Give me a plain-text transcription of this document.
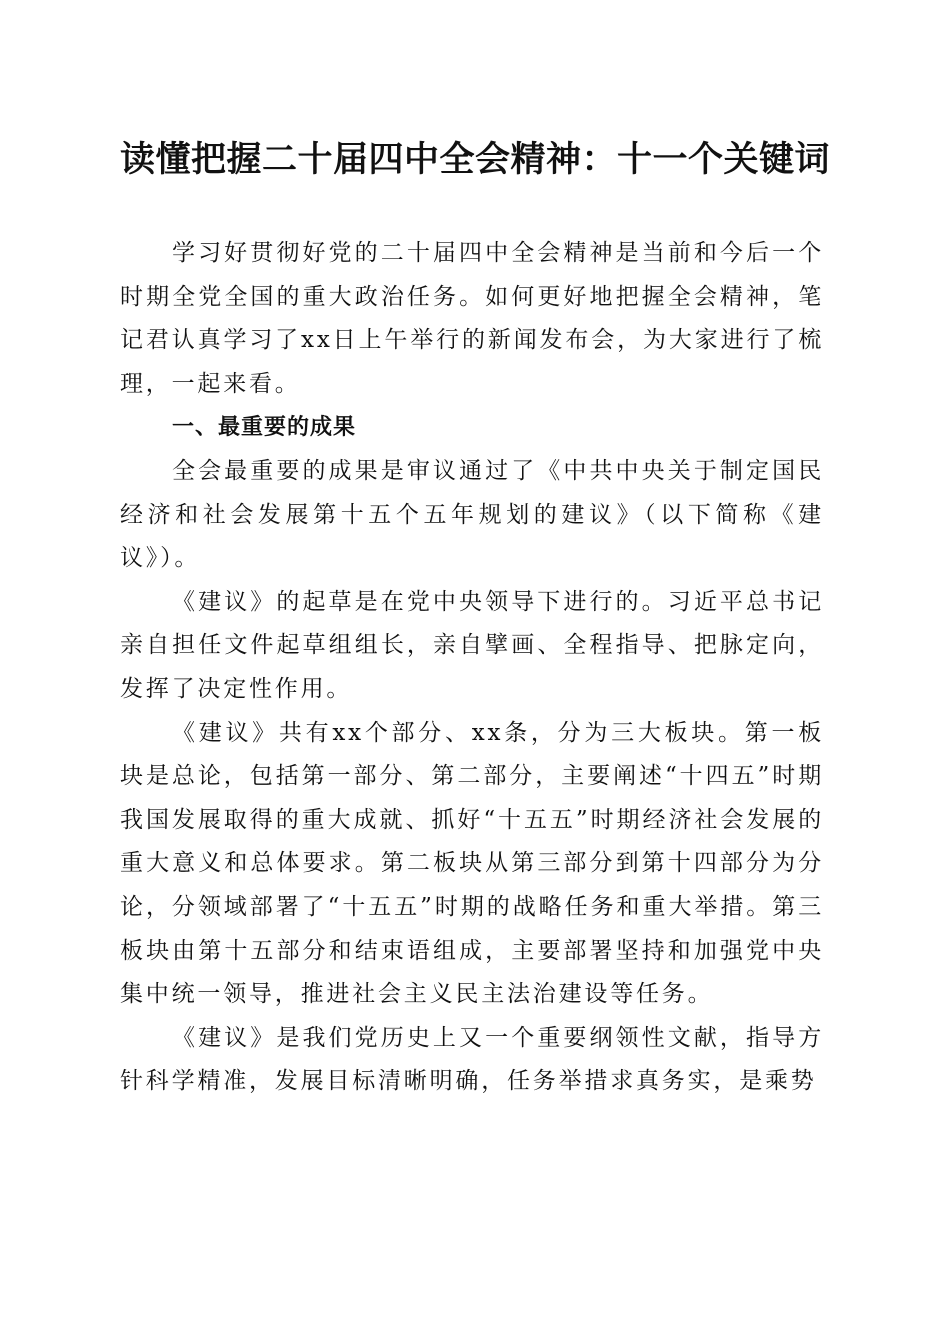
读懂把握二十届四中全会精神：十一个关键词

学习好贯彻好党的二十届四中全会精神是当前和今后一个时期全党全国的重大政治任务。如何更好地把握全会精神，笔记君认真学习了xx日上午举行的新闻发布会，为大家进行了梳理，一起来看。

一、最重要的成果

全会最重要的成果是审议通过了《中共中央关于制定国民经济和社会发展第十五个五年规划的建议》（以下简称《建议》）。

《建议》的起草是在党中央领导下进行的。习近平总书记亲自担任文件起草组组长，亲自擘画、全程指导、把脉定向，发挥了决定性作用。

《建议》共有xx个部分、xx条，分为三大板块。第一板块是总论，包括第一部分、第二部分，主要阐述“十四五”时期我国发展取得的重大成就、抓好“十五五”时期经济社会发展的重大意义和总体要求。第二板块从第三部分到第十四部分为分论，分领域部署了“十五五”时期的战略任务和重大举措。第三板块由第十五部分和结束语组成，主要部署坚持和加强党中央集中统一领导，推进社会主义民主法治建设等任务。

《建议》是我们党历史上又一个重要纲领性文献，指导方针科学精准，发展目标清晰明确，任务举措求真务实，是乘势
